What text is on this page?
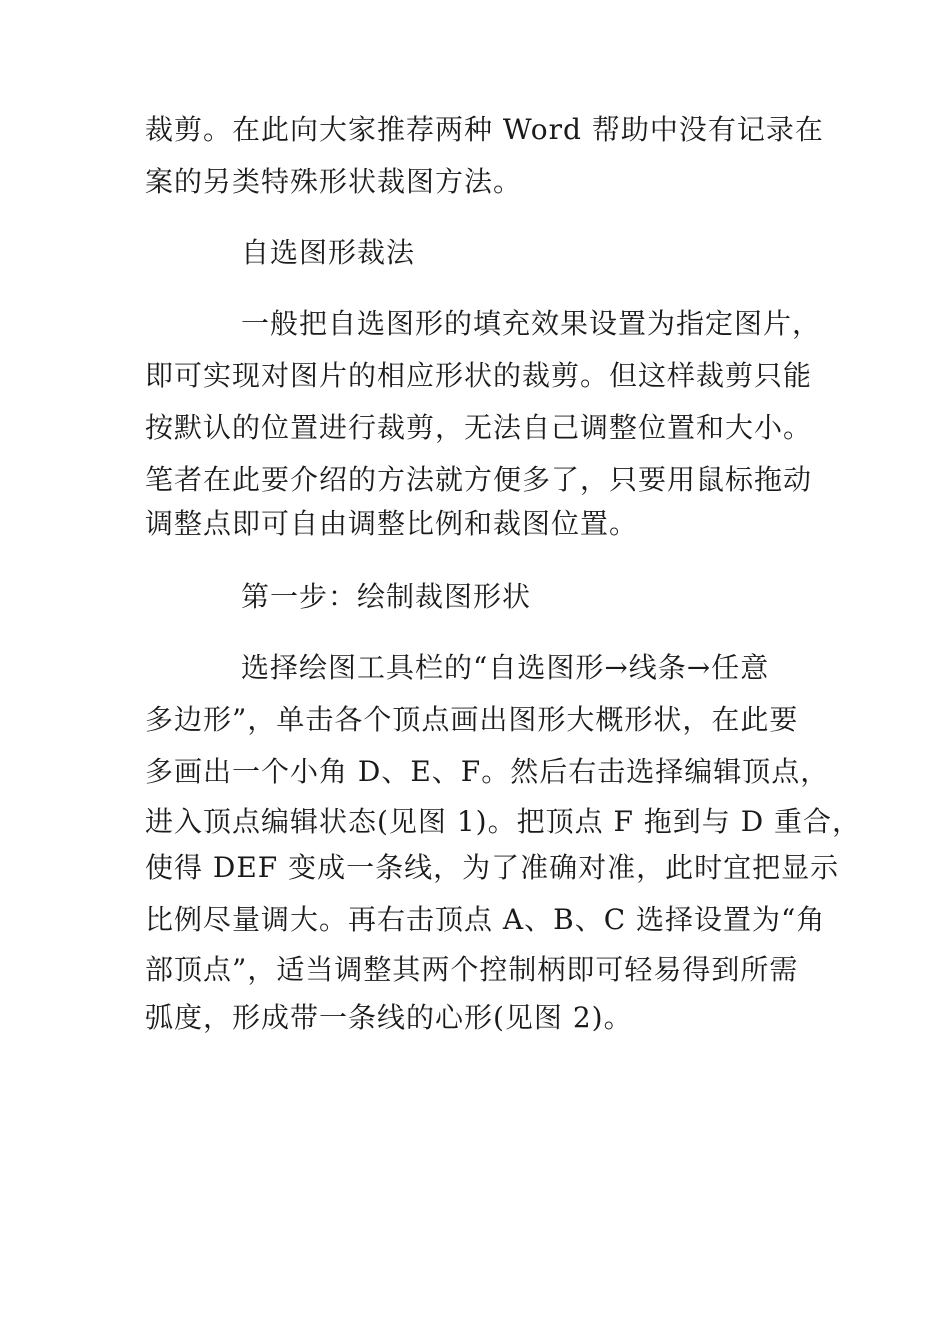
裁剪。在此向大家推荐两种 Word 帮助中没有记录在
案的另类特殊形状裁图方法。
自选图形裁法
一般把自选图形的填充效果设置为指定图片，
即可实现对图片的相应形状的裁剪。但这样裁剪只能
按默认的位置进行裁剪，无法自己调整位置和大小。
笔者在此要介绍的方法就方便多了，只要用鼠标拖动
调整点即可自由调整比例和裁图位置。
第一步：绘制裁图形状
选择绘图工具栏的“自选图形→线条→任意
多边形”，单击各个顶点画出图形大概形状，在此要
多画出一个小角 D、E、F。然后右击选择编辑顶点，
进入顶点编辑状态(见图 1)。把顶点 F 拖到与 D 重合，
使得 DEF 变成一条线，为了准确对准，此时宜把显示
比例尽量调大。再右击顶点 A、B、C 选择设置为“角
部顶点”，适当调整其两个控制柄即可轻易得到所需
弧度，形成带一条线的心形(见图 2)。
